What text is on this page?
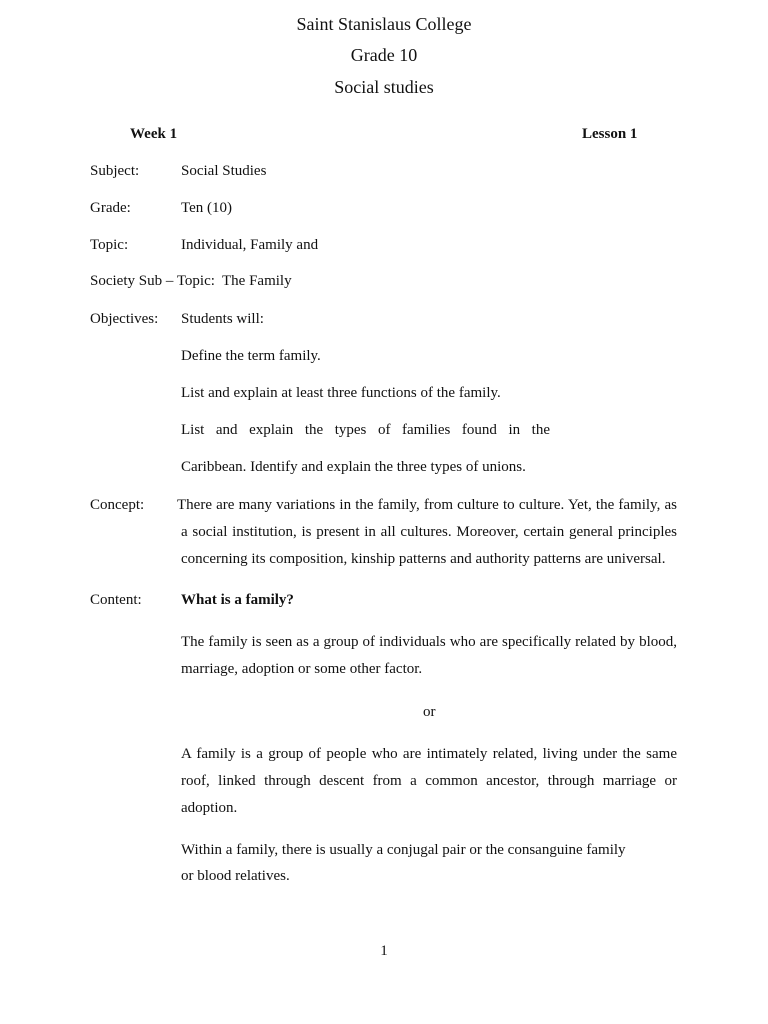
Saint Stanislaus College
Grade 10
Social studies
Week 1	Lesson 1
Subject:	Social Studies
Grade:	Ten (10)
Topic:	Individual, Family and
Society Sub – Topic: The Family
Objectives: Students will:
Define the term family.
List and explain at least three functions of the family.
List and explain the types of families found in the
Caribbean. Identify and explain the three types of unions.
Concept: There are many variations in the family, from culture to culture. Yet, the family, as
a social institution, is present in all cultures. Moreover, certain general principles
concerning its composition, kinship patterns and authority patterns are universal.
Content:	What is a family?
The family is seen as a group of individuals who are specifically related by blood,
marriage, adoption or some other factor.
or
A family is a group of people who are intimately related, living under the same
roof, linked through descent from a common ancestor, through marriage or
adoption.
Within a family, there is usually a conjugal pair or the consanguine family
or blood relatives.
1
